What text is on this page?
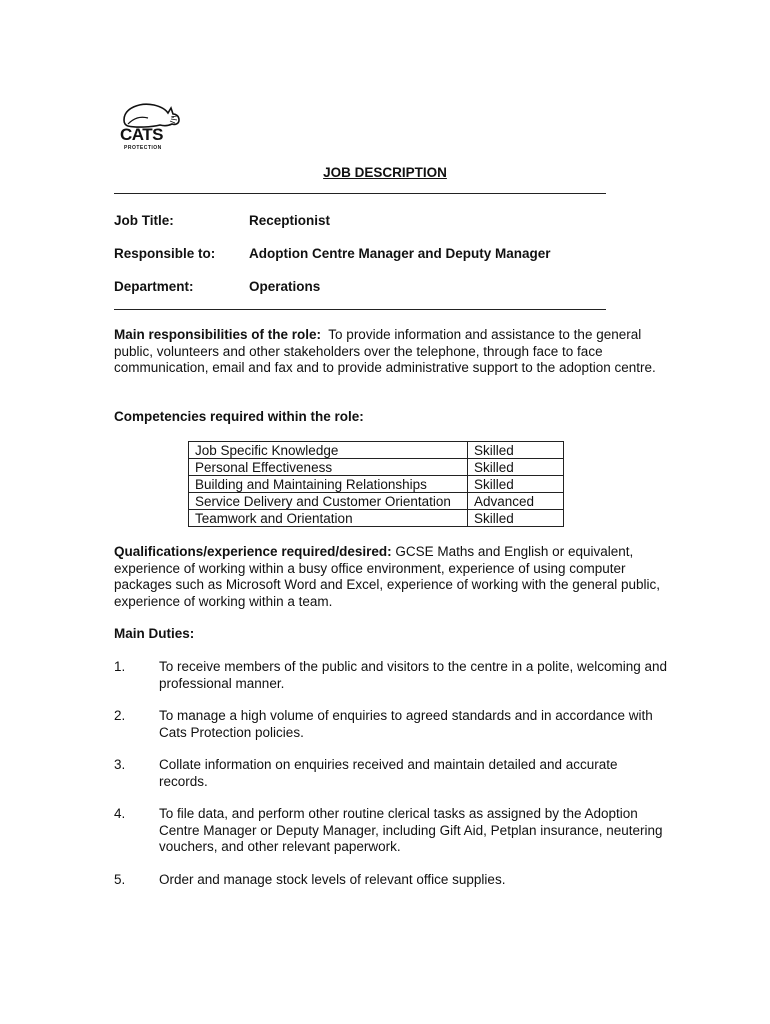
CATS
PROTECTION
JOB DESCRIPTION
Job Title:	Receptionist
Responsible to: Adoption Centre Manager and Deputy Manager
Department:	Operations
Main responsibilities of the role: To provide information and assistance to the general public, volunteers and other stakeholders over the telephone, through face to face communication, email and fax and to provide administrative support to the adoption centre.
Competencies required within the role:
Job Specific Knowledge	Skilled
Personal Effectiveness	Skilled
Building and Maintaining Relationships	Skilled
Service Delivery and Customer Orientation	Advanced
Teamwork and Orientation	Skilled
Qualifications/experience required/desired: GCSE Maths and English or equivalent, experience of working within a busy office environment, experience of using computer packages such as Microsoft Word and Excel, experience of working with the general public, experience of working within a team.
Main Duties:
1. To receive members of the public and visitors to the centre in a polite, welcoming and professional manner.
2. To manage a high volume of enquiries to agreed standards and in accordance with Cats Protection policies.
3. Collate information on enquiries received and maintain detailed and accurate records.
4. To file data, and perform other routine clerical tasks as assigned by the Adoption Centre Manager or Deputy Manager, including Gift Aid, Petplan insurance, neutering vouchers, and other relevant paperwork.
5. Order and manage stock levels of relevant office supplies.
